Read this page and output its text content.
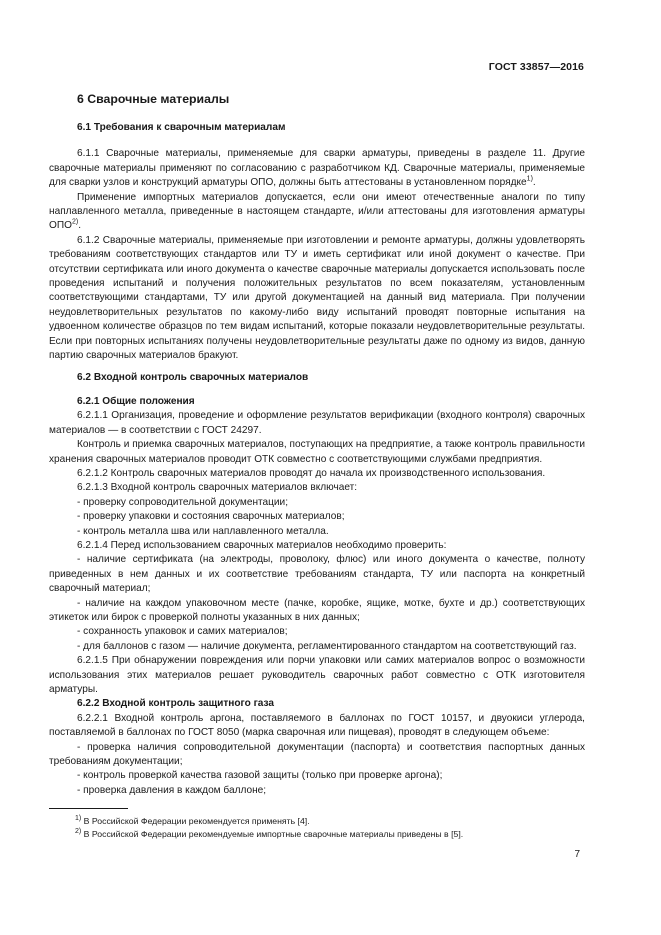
ГОСТ 33857—2016

6 Сварочные материалы

6.1 Требования к сварочным материалам

6.1.1 Сварочные материалы, применяемые для сварки арматуры, приведены в разделе 11. Другие сварочные материалы применяют по согласованию с разработчиком КД. Сварочные материалы, применяемые для сварки узлов и конструкций арматуры ОПО, должны быть аттестованы в установленном порядке$^{1)}$.

Применение импортных материалов допускается, если они имеют отечественные аналоги по типу наплавленного металла, приведенные в настоящем стандарте, и/или аттестованы для изготовления арматуры ОПО$^{2)}$.

6.1.2 Сварочные материалы, применяемые при изготовлении и ремонте арматуры, должны удовлетворять требованиям соответствующих стандартов или ТУ и иметь сертификат или иной документ о качестве. При отсутствии сертификата или иного документа о качестве сварочные материалы допускается использовать после проведения испытаний и получения положительных результатов по всем показателям, установленным соответствующими стандартами, ТУ или другой документацией на данный вид материала. При получении неудовлетворительных результатов по какому-либо виду испытаний проводят повторные испытания на удвоенном количестве образцов по тем видам испытаний, которые показали неудовлетворительные результаты. Если при повторных испытаниях получены неудовлетворительные результаты даже по одному из видов, данную партию сварочных материалов бракуют.

6.2 Входной контроль сварочных материалов

6.2.1 Общие положения

6.2.1.1 Организация, проведение и оформление результатов верификации (входного контроля) сварочных материалов — в соответствии с ГОСТ 24297.

Контроль и приемка сварочных материалов, поступающих на предприятие, а также контроль правильности хранения сварочных материалов проводит ОТК совместно с соответствующими службами предприятия.

6.2.1.2 Контроль сварочных материалов проводят до начала их производственного использования.

6.2.1.3 Входной контроль сварочных материалов включает:

- проверку сопроводительной документации;

- проверку упаковки и состояния сварочных материалов;

- контроль металла шва или наплавленного металла.

6.2.1.4 Перед использованием сварочных материалов необходимо проверить:

- наличие сертификата (на электроды, проволоку, флюс) или иного документа о качестве, полноту приведенных в нем данных и их соответствие требованиям стандарта, ТУ или паспорта на конкретный сварочный материал;

- наличие на каждом упаковочном месте (пачке, коробке, ящике, мотке, бухте и др.) соответствующих этикеток или бирок с проверкой полноты указанных в них данных;

- сохранность упаковок и самих материалов;

- для баллонов с газом — наличие документа, регламентированного стандартом на соответствующий газ.

6.2.1.5 При обнаружении повреждения или порчи упаковки или самих материалов вопрос о возможности использования этих материалов решает руководитель сварочных работ совместно с ОТК изготовителя арматуры.

6.2.2 Входной контроль защитного газа

6.2.2.1 Входной контроль аргона, поставляемого в баллонах по ГОСТ 10157, и двуокиси углерода, поставляемой в баллонах по ГОСТ 8050 (марка сварочная или пищевая), проводят в следующем объеме:

- проверка наличия сопроводительной документации (паспорта) и соответствия паспортных данных требованиям документации;

- контроль проверкой качества газовой защиты (только при проверке аргона);

- проверка давления в каждом баллоне;

$^{1)}$ В Российской Федерации рекомендуется применять [4].

$^{2)}$ В Российской Федерации рекомендуемые импортные сварочные материалы приведены в [5].

7
